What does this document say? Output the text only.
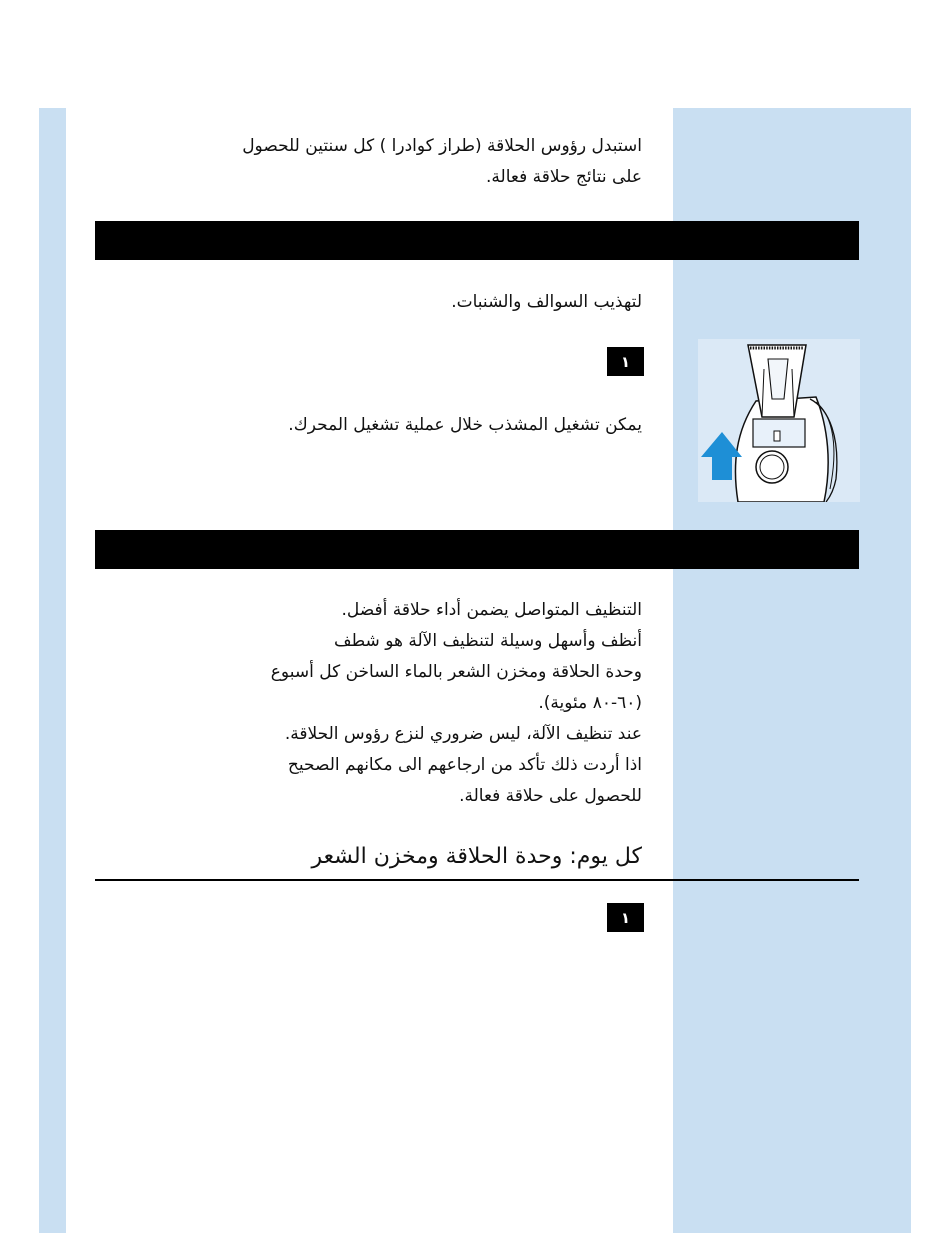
استبدل رؤوس الحلاقة (طراز كوادرا ) كل سنتين للحصول
على نتائج حلاقة فعالة.
لتهذيب السوالف والشنبات.
١
يمكن تشغيل المشذب خلال عملية تشغيل المحرك.
التنظيف المتواصل يضمن أداء حلاقة أفضل.
أنظف وأسهل وسيلة لتنظيف الآلة هو شطف
وحدة الحلاقة ومخزن الشعر بالماء الساخن كل أسبوع
(٦٠-٨٠ مئوية).
عند تنظيف الآلة، ليس ضروري لنزع رؤوس الحلاقة.
اذا أردت ذلك تأكد من ارجاعهم الى مكانهم الصحيح
للحصول على حلاقة فعالة.
كل يوم: وحدة الحلاقة ومخزن الشعر
١
